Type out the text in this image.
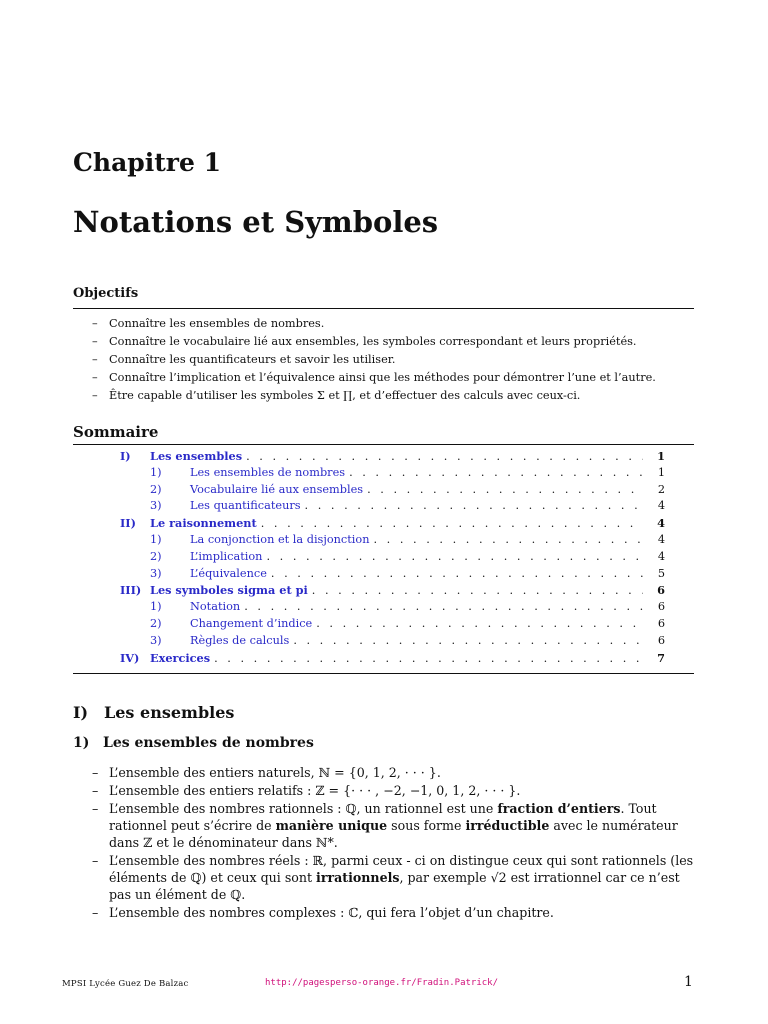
Chapitre 1
Notations et Symboles
Objectifs
– Connaître les ensembles de nombres.
– Connaître le vocabulaire lié aux ensembles, les symboles correspondant et leurs propriétés.
– Connaître les quantificateurs et savoir les utiliser.
– Connaître l’implication et l’équivalence ainsi que les méthodes pour démontrer l’une et l’autre.
– Être capable d’utiliser les symboles Σ et ∏, et d’effectuer des calculs avec ceux-ci.
Sommaire
I)	Les ensembles . . .	1
1)	Les ensembles de nombres . . .	1
2)	Vocabulaire lié aux ensembles . . .	2
3)	Les quantificateurs . . .	4
II)	Le raisonnement . . .	4
1)	La conjonction et la disjonction . . .	4
2)	L’implication . . .	4
3)	L’équivalence . . .	5
III) Les symboles sigma et pi . . .	6
1)	Notation . . .	6
2)	Changement d’indice . . .	6
3)	Règles de calculs . . .	6
IV) Exercices . . .	7
I) Les ensembles
1) Les ensembles de nombres
– L’ensemble des entiers naturels, ℕ = {0, 1, 2, · · · }.
– L’ensemble des entiers relatifs : ℤ = {· · · , −2, −1, 0, 1, 2, · · · }.
– L’ensemble des nombres rationnels : ℚ, un rationnel est une fraction d’entiers. Tout rationnel peut s’écrire de manière unique sous forme irréductible avec le numérateur dans ℤ et le dénominateur dans ℕ*.
– L’ensemble des nombres réels : ℝ, parmi ceux - ci on distingue ceux qui sont rationnels (les éléments de ℚ) et ceux qui sont irrationnels, par exemple √2 est irrationnel car ce n’est pas un élément de ℚ.
– L’ensemble des nombres complexes : ℂ, qui fera l’objet d’un chapitre.
MPSI Lycée Guez De Balzac	http://pagesperso-orange.fr/Fradin.Patrick/	1
